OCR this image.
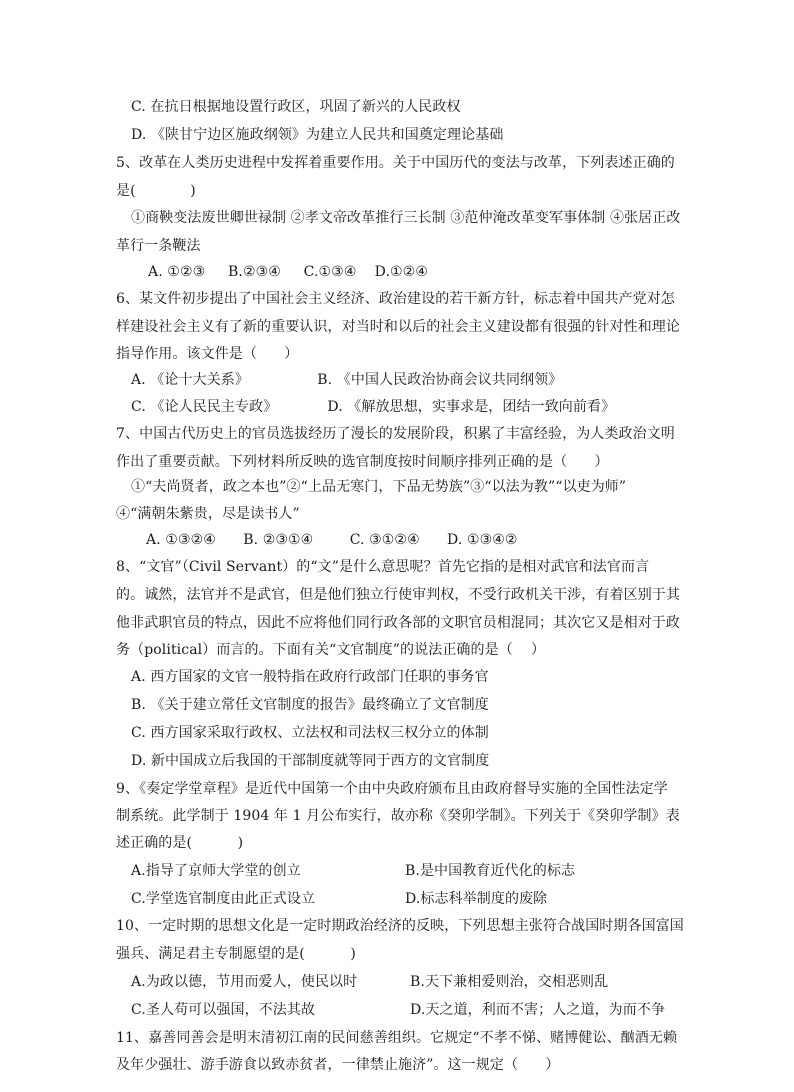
C. 在抗日根据地设置行政区，巩固了新兴的人民政权
D. 《陕甘宁边区施政纲领》为建立人民共和国奠定理论基础
5、改革在人类历史进程中发挥着重要作用。关于中国历代的变法与改革，下列表述正确的
是(            )
①商鞅变法废世卿世禄制 ②孝文帝改革推行三长制 ③范仲淹改革变军事体制 ④张居正改
革行一条鞭法
A. ①②③     B.②③④     C.①③④    D.①②④
6、某文件初步提出了中国社会主义经济、政治建设的若干新方针，标志着中国共产党对怎
样建设社会主义有了新的重要认识，对当时和以后的社会主义建设都有很强的针对性和理论
指导作用。该文件是（      ）
A. 《论十大关系》               B. 《中国人民政治协商会议共同纲领》
C. 《论人民民主专政》           D. 《解放思想，实事求是，团结一致向前看》
7、中国古代历史上的官员选拔经历了漫长的发展阶段，积累了丰富经验，为人类政治文明
作出了重要贡献。下列材料所反映的选官制度按时间顺序排列正确的是（      ）
①“夫尚贤者，政之本也”②“上品无寒门，下品无势族”③“以法为教”“以吏为师”
④“满朝朱紫贵，尽是读书人”
A. ①③②④      B. ②③①④        C. ③①②④      D. ①③④②
8、“文官”（Civil Servant）的“文”是什么意思呢？首先它指的是相对武官和法官而言
的。诚然，法官并不是武官，但是他们独立行使审判权，不受行政机关干涉，有着区别于其
他非武职官员的特点，因此不应将他们同行政各部的文职官员相混同；其次它又是相对于政
务（political）而言的。下面有关“文官制度”的说法正确的是（    ）
A. 西方国家的文官一般特指在政府行政部门任职的事务官
B. 《关于建立常任文官制度的报告》最终确立了文官制度
C. 西方国家采取行政权、立法权和司法权三权分立的体制
D. 新中国成立后我国的干部制度就等同于西方的文官制度
9、《奏定学堂章程》是近代中国第一个由中央政府颁布且由政府督导实施的全国性法定学
制系统。此学制于 1904 年 1 月公布实行，故亦称《癸卯学制》。下列关于《癸卯学制》表
述正确的是(          )
A.指导了京师大学堂的创立	B.是中国教育近代化的标志
C.学堂选官制度由此正式设立	D.标志科举制度的废除
10、一定时期的思想文化是一定时期政治经济的反映，下列思想主张符合战国时期各国富国
强兵、满足君主专制愿望的是(          )
A.为政以德，节用而爱人，使民以时	B.天下兼相爱则治，交相恶则乱
C.圣人苟可以强国，不法其故	D.天之道，利而不害；人之道，为而不争
11、嘉善同善会是明末清初江南的民间慈善组织。它规定“不孝不悌、赌博健讼、酗酒无赖
及年少强壮、游手游食以致赤贫者，一律禁止施济”。这一规定（      ）
